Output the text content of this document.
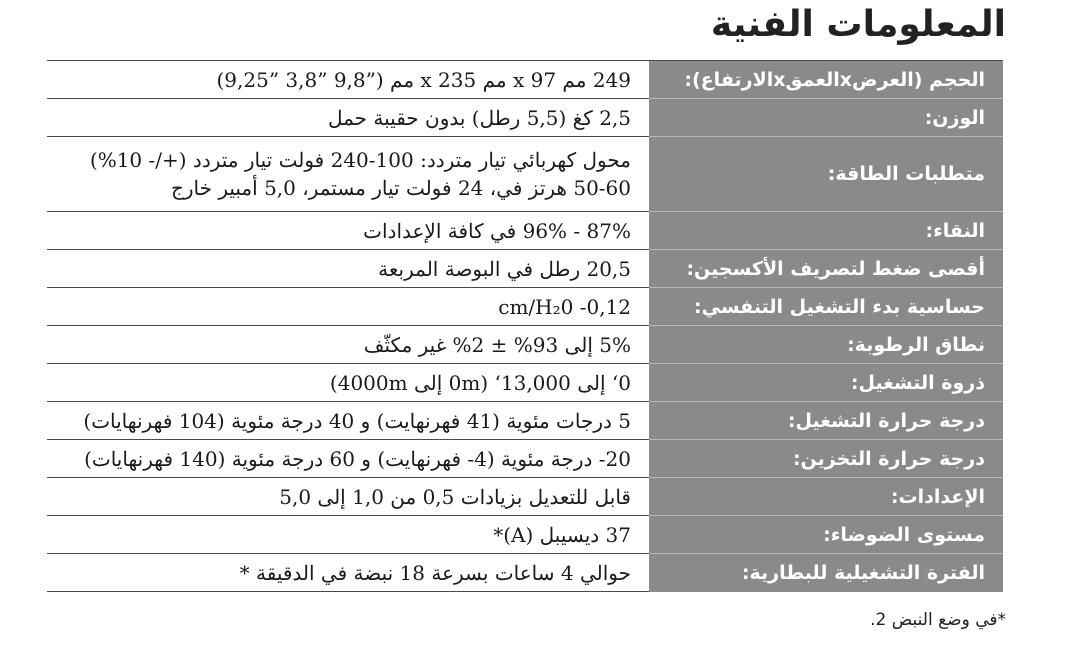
المعلومات الفنية
الحجم (العرضxالعمقxالارتفاع):	249 مم 97 x مم 235 x مم (”9,8 ”3,8 ”9,25)
الوزن:	2,5 كغ (5,5 رطل) بدون حقيبة حمل
متطلبات الطاقة:	محول كهربائي تيار متردد: 100-240 فولت تيار متردد (+/- 10%)
50-60 هرتز في، 24 فولت تيار مستمر، 5,0 أمبير خارج

النقاء:	87% - 96% في كافة الإعدادات
أقصى ضغط لتصريف الأكسجين:	20,5 رطل في البوصة المربعة
حساسية بدء التشغيل التنفسي:	0,12- cm/H₂0
نطاق الرطوبة:	5% إلى 93% ± 2% غير مكثّف
ذروة التشغيل:	0‘ إلى 13,000‘ (0m إلى 4000m)
درجة حرارة التشغيل:	5 درجات مئوية (41 فهرنهايت) و 40 درجة مئوية (104 فهرنهايات)
درجة حرارة التخزين:	20- درجة مئوية (4- فهرنهايت) و 60 درجة مئوية (140 فهرنهايات)
الإعدادات:	قابل للتعديل بزيادات 0,5 من 1,0 إلى 5,0
مستوى الضوضاء:	37 ديسيبل (A)*
الفترة التشغيلية للبطارية:	حوالي 4 ساعات بسرعة 18 نبضة في الدقيقة *
*في وضع النبض 2.
